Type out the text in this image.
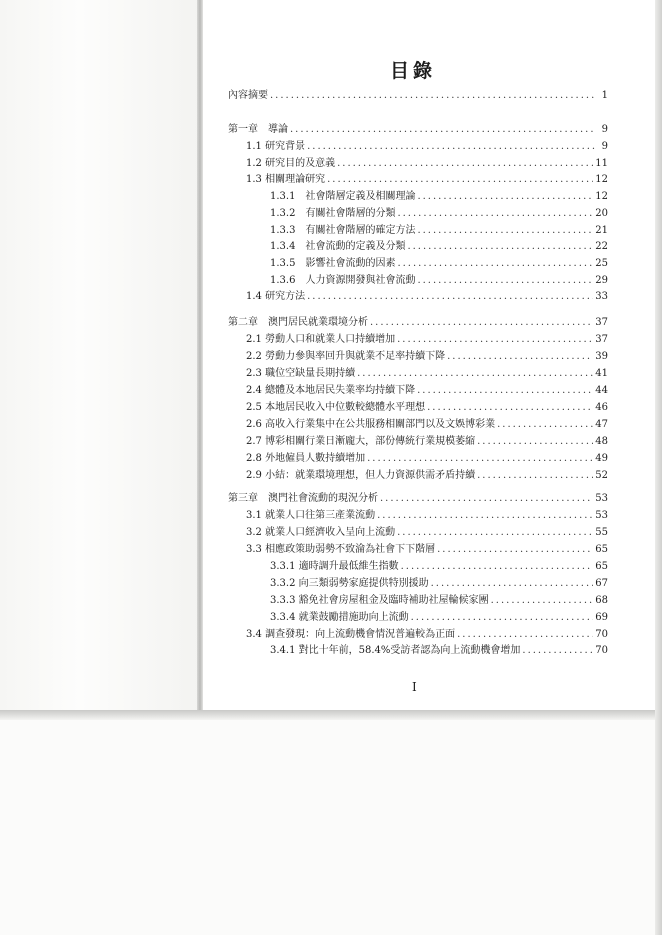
目錄
內容摘要 .....	1
第一章　導論 .....	9
1.1 研究背景 .....	9
1.2 研究目的及意義 .....	11
1.3 相關理論研究 .....	12
1.3.1　社會階層定義及相關理論 .....	12
1.3.2　有關社會階層的分類 .....	20
1.3.3　有關社會階層的確定方法 .....	21
1.3.4　社會流動的定義及分類 .....	22
1.3.5　影響社會流動的因素 .....	25
1.3.6　人力資源開發與社會流動 .....	29
1.4 研究方法 .....	33
第二章　澳門居民就業環境分析 .....	37
2.1 勞動人口和就業人口持續增加 .....	37
2.2 勞動力參與率回升與就業不足率持續下降 .....	39
2.3 職位空缺量長期持續 .....	41
2.4 總體及本地居民失業率均持續下降 .....	44
2.5 本地居民收入中位數較總體水平理想 .....	46
2.6 高收入行業集中在公共服務相關部門以及文娛博彩業 .....	47
2.7 博彩相關行業日漸龐大，部份傳統行業規模萎縮 .....	48
2.8 外地僱員人數持續增加 .....	49
2.9 小結：就業環境理想，但人力資源供需矛盾持續 .....	52
第三章　澳門社會流動的現況分析 .....	53
3.1 就業人口往第三產業流動 .....	53
3.2 就業人口經濟收入呈向上流動 .....	55
3.3 相應政策助弱勢不致淪為社會下下階層 .....	65
3.3.1 適時調升最低維生指數 .....	65
3.3.2 向三類弱勢家庭提供特別援助 .....	67
3.3.3 豁免社會房屋租金及臨時補助社屋輪候家團 .....	68
3.3.4 就業鼓勵措施助向上流動 .....	69
3.4 調查發現：向上流動機會情況普遍較為正面 .....	70
3.4.1 對比十年前，58.4%受訪者認為向上流動機會增加 .....	70
I
